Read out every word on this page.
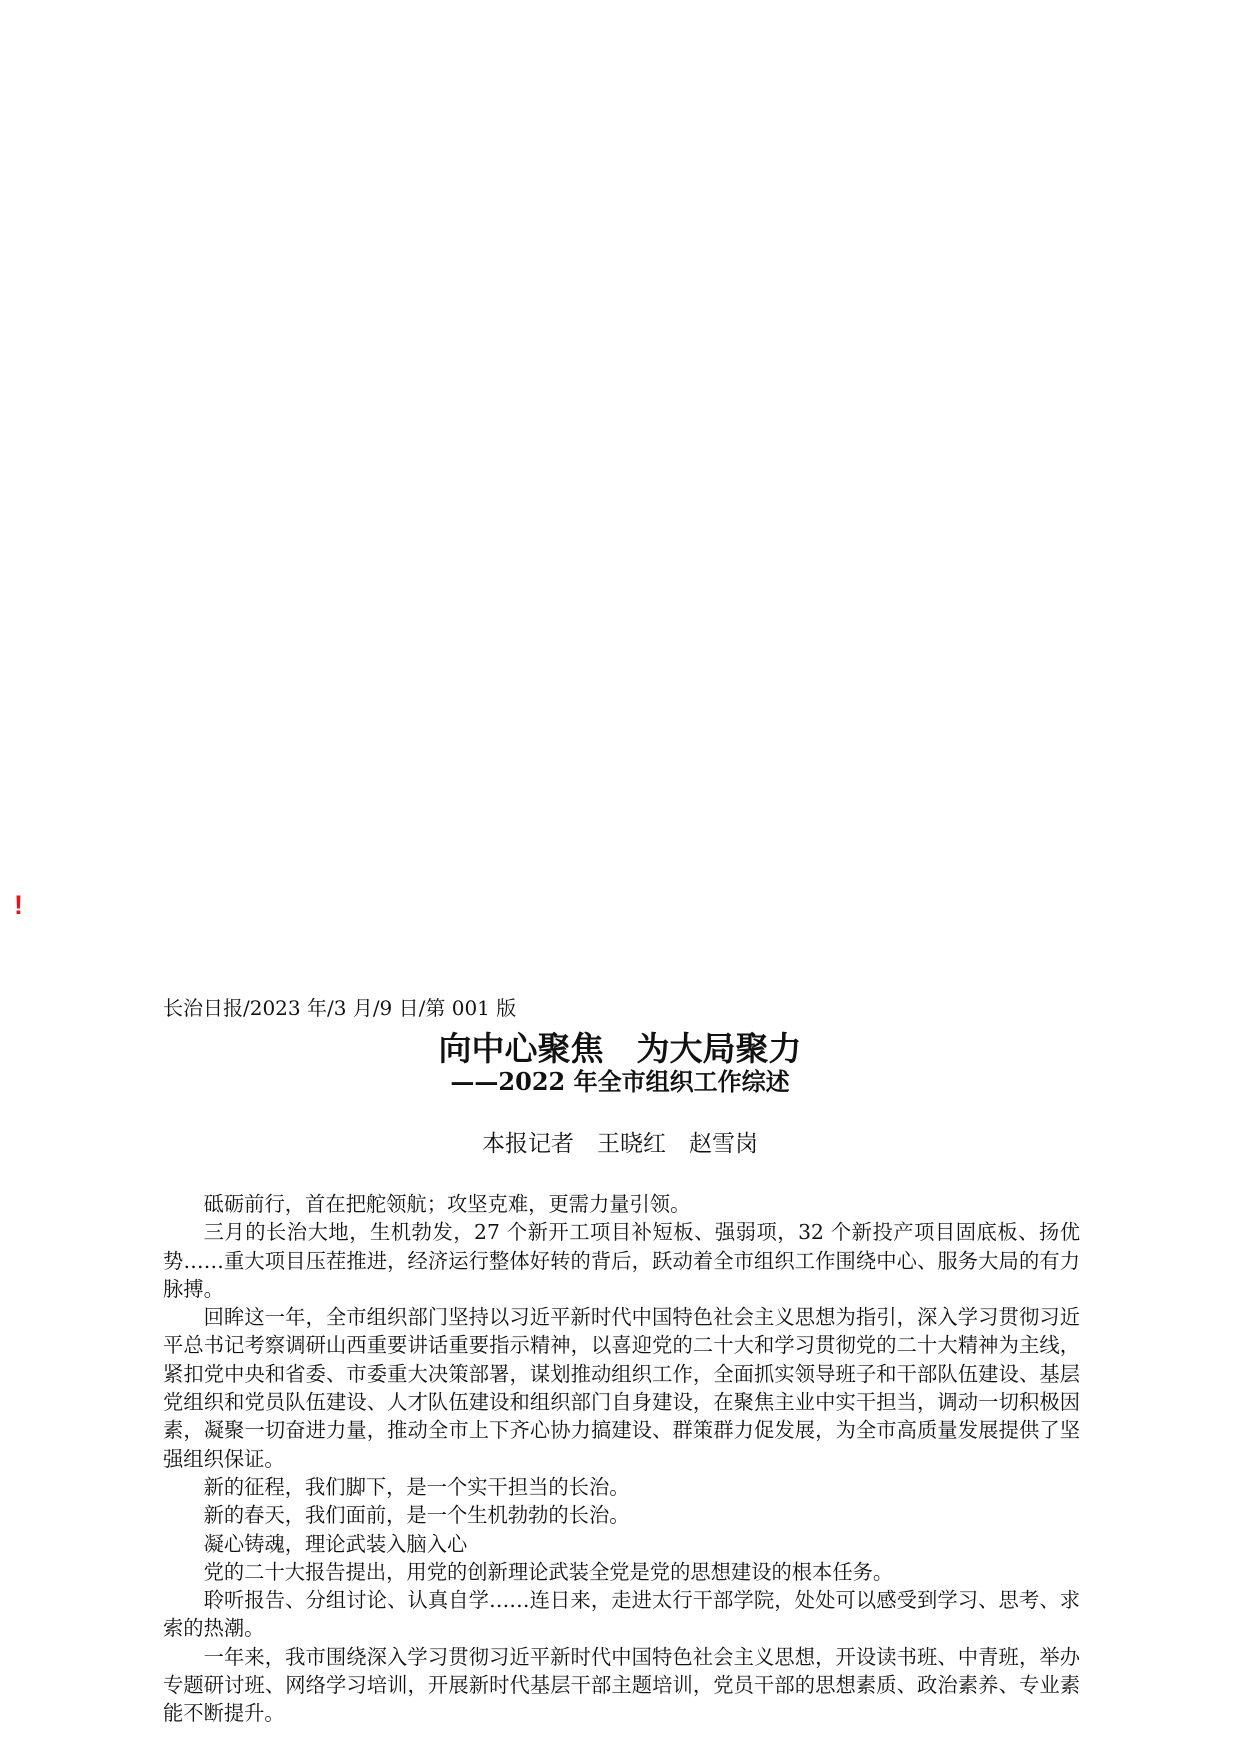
!
长治日报/2023 年/3 月/9 日/第 001 版
向中心聚焦　为大局聚力
——2022 年全市组织工作综述
本报记者　王晓红　赵雪岗

砥砺前行，首在把舵领航；攻坚克难，更需力量引领。

三月的长治大地，生机勃发，27 个新开工项目补短板、强弱项，32 个新投产项目固底板、扬优势……重大项目压茬推进，经济运行整体好转的背后，跃动着全市组织工作围绕中心、服务大局的有力脉搏。

回眸这一年，全市组织部门坚持以习近平新时代中国特色社会主义思想为指引，深入学习贯彻习近平总书记考察调研山西重要讲话重要指示精神，以喜迎党的二十大和学习贯彻党的二十大精神为主线，紧扣党中央和省委、市委重大决策部署，谋划推动组织工作，全面抓实领导班子和干部队伍建设、基层党组织和党员队伍建设、人才队伍建设和组织部门自身建设，在聚焦主业中实干担当，调动一切积极因素，凝聚一切奋进力量，推动全市上下齐心协力搞建设、群策群力促发展，为全市高质量发展提供了坚强组织保证。

新的征程，我们脚下，是一个实干担当的长治。

新的春天，我们面前，是一个生机勃勃的长治。

凝心铸魂，理论武装入脑入心

党的二十大报告提出，用党的创新理论武装全党是党的思想建设的根本任务。

聆听报告、分组讨论、认真自学……连日来，走进太行干部学院，处处可以感受到学习、思考、求索的热潮。

一年来，我市围绕深入学习贯彻习近平新时代中国特色社会主义思想，开设读书班、中青班，举办专题研讨班、网络学习培训，开展新时代基层干部主题培训，党员干部的思想素质、政治素养、专业素能不断提升。
